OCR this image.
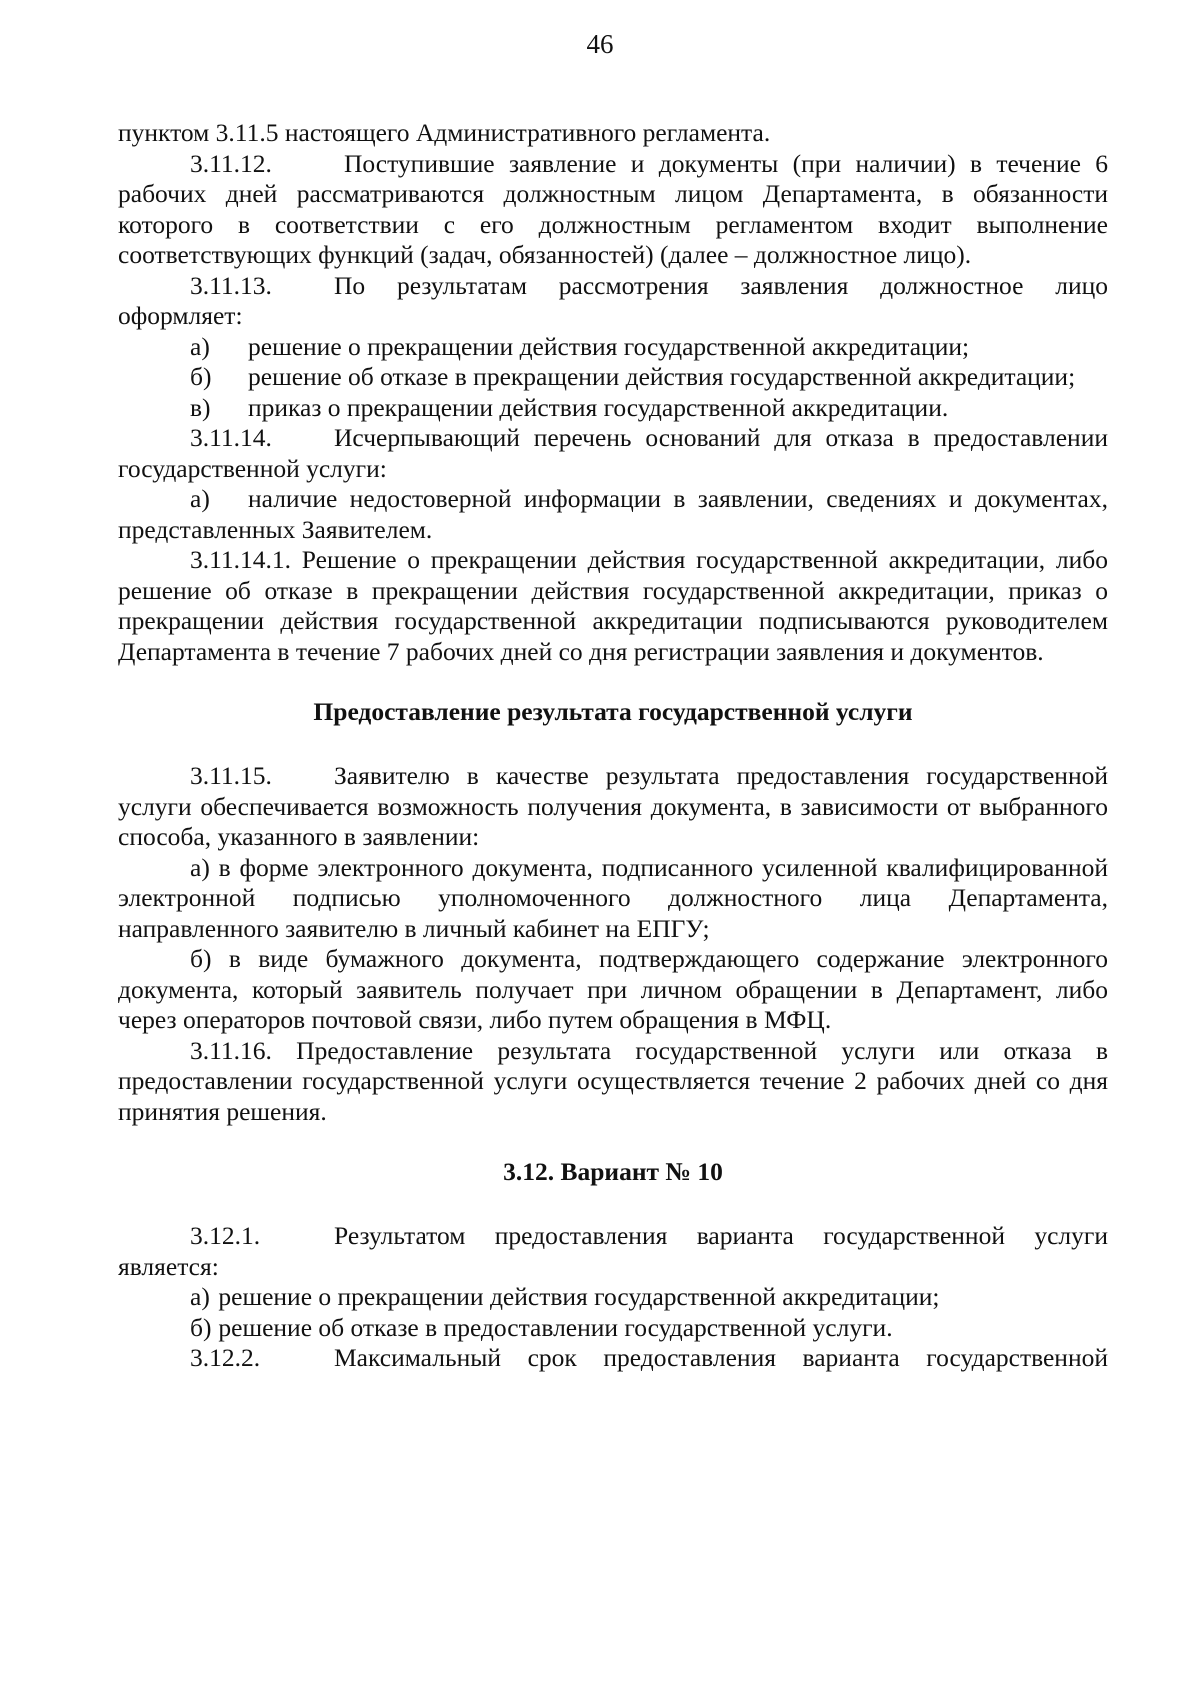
46

пунктом 3.11.5 настоящего Административного регламента.

3.11.12.	Поступившие заявление и документы (при наличии) в течение 6 рабочих дней рассматриваются должностным лицом Департамента, в обязанности которого в соответствии с его должностным регламентом входит выполнение соответствующих функций (задач, обязанностей) (далее – должностное лицо).

3.11.13. По результатам рассмотрения заявления должностное лицо оформляет:

а) решение о прекращении действия государственной аккредитации;

б) решение об отказе в прекращении действия государственной аккредитации;

в) приказ о прекращении действия государственной аккредитации.

3.11.14. Исчерпывающий перечень оснований для отказа в предоставлении государственной услуги:

а) наличие недостоверной информации в заявлении, сведениях и документах, представленных Заявителем.

3.11.14.1. Решение о прекращении действия государственной аккредитации, либо решение об отказе в прекращении действия государственной аккредитации, приказ о прекращении действия государственной аккредитации подписываются руководителем Департамента в течение 7 рабочих дней со дня регистрации заявления и документов.

Предоставление результата государственной услуги

3.11.15. Заявителю в качестве результата предоставления государственной услуги обеспечивается возможность получения документа, в зависимости от выбранного способа, указанного в заявлении:

а) в форме электронного документа, подписанного усиленной квалифицированной электронной подписью уполномоченного должностного лица Департамента, направленного заявителю в личный кабинет на ЕПГУ;

б) в виде бумажного документа, подтверждающего содержание электронного документа, который заявитель получает при личном обращении в Департамент, либо через операторов почтовой связи, либо путем обращения в МФЦ.

3.11.16. Предоставление результата государственной услуги или отказа в предоставлении государственной услуги осуществляется течение 2 рабочих дней со дня принятия решения.

3.12. Вариант № 10

3.12.1.	Результатом предоставления варианта государственной услуги является:

а) решение о прекращении действия государственной аккредитации;

б) решение об отказе в предоставлении государственной услуги.

3.12.2.	Максимальный срок предоставления варианта государственной
